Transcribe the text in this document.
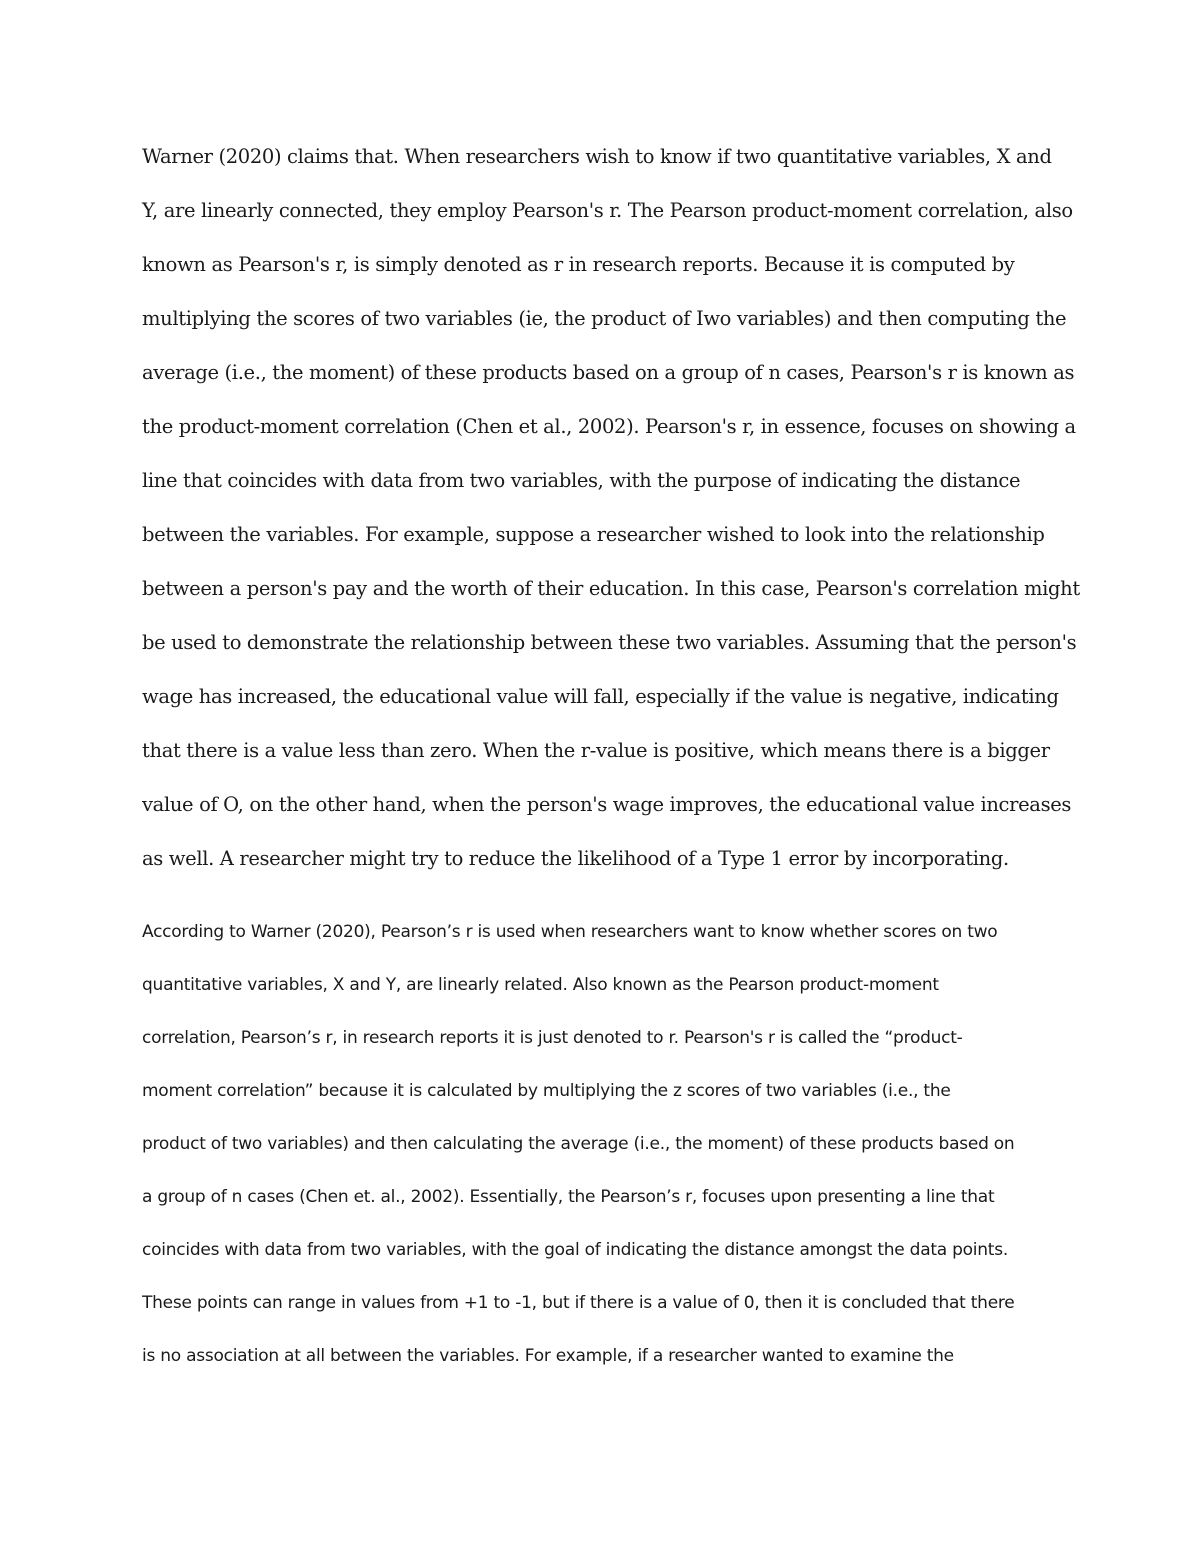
Warner (2020) claims that. When researchers wish to know if two quantitative variables, X and
Y, are linearly connected, they employ Pearson's r. The Pearson product-moment correlation, also
known as Pearson's r, is simply denoted as r in research reports. Because it is computed by
multiplying the scores of two variables (ie, the product of Iwo variables) and then computing the
average (i.e., the moment) of these products based on a group of n cases, Pearson's r is known as
the product-moment correlation (Chen et al., 2002). Pearson's r, in essence, focuses on showing a
line that coincides with data from two variables, with the purpose of indicating the distance
between the variables. For example, suppose a researcher wished to look into the relationship
between a person's pay and the worth of their education. In this case, Pearson's correlation might
be used to demonstrate the relationship between these two variables. Assuming that the person's
wage has increased, the educational value will fall, especially if the value is negative, indicating
that there is a value less than zero. When the r-value is positive, which means there is a bigger
value of O, on the other hand, when the person's wage improves, the educational value increases
as well. A researcher might try to reduce the likelihood of a Type 1 error by incorporating.
According to Warner (2020), Pearson’s r is used when researchers want to know whether scores on two
quantitative variables, X and Y, are linearly related. Also known as the Pearson product-moment
correlation, Pearson’s r, in research reports it is just denoted to r. Pearson's r is called the “product-
moment correlation” because it is calculated by multiplying the z scores of two variables (i.e., the
product of two variables) and then calculating the average (i.e., the moment) of these products based on
a group of n cases (Chen et. al., 2002). Essentially, the Pearson’s r, focuses upon presenting a line that
coincides with data from two variables, with the goal of indicating the distance amongst the data points.
These points can range in values from +1 to -1, but if there is a value of 0, then it is concluded that there
is no association at all between the variables. For example, if a researcher wanted to examine the
